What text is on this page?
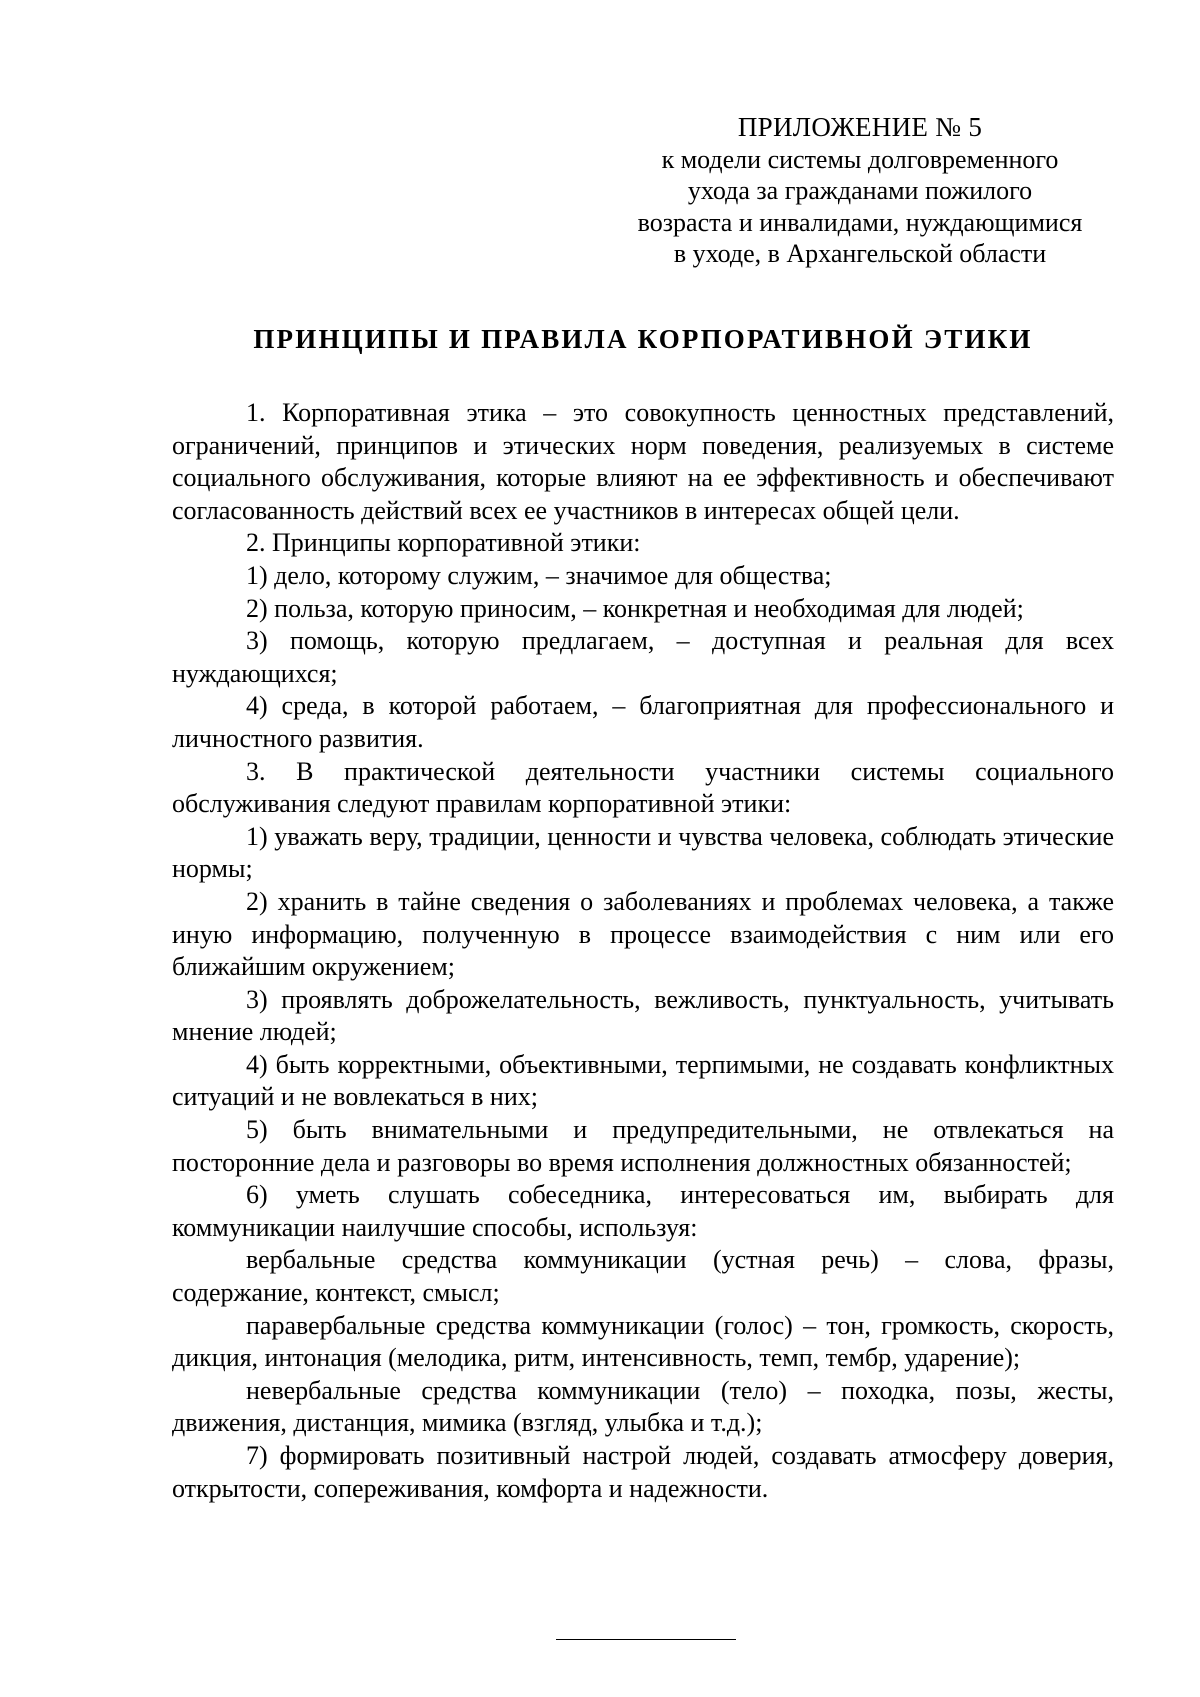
ПРИЛОЖЕНИЕ № 5
к модели системы долговременного
ухода за гражданами пожилого
возраста и инвалидами, нуждающимися
в уходе, в Архангельской области
ПРИНЦИПЫ И ПРАВИЛА КОРПОРАТИВНОЙ ЭТИКИ

1. Корпоративная этика – это совокупность ценностных представлений, ограничений, принципов и этических норм поведения, реализуемых в системе социального обслуживания, которые влияют на ее эффективность и обеспечивают согласованность действий всех ее участников в интересах общей цели.

2. Принципы корпоративной этики:

1) дело, которому служим, – значимое для общества;

2) польза, которую приносим, – конкретная и необходимая для людей;

3) помощь, которую предлагаем, – доступная и реальная для всех нуждающихся;

4) среда, в которой работаем, – благоприятная для профессионального и личностного развития.

3. В практической деятельности участники системы социального обслуживания следуют правилам корпоративной этики:

1) уважать веру, традиции, ценности и чувства человека, соблюдать этические нормы;

2) хранить в тайне сведения о заболеваниях и проблемах человека, а также иную информацию, полученную в процессе взаимодействия с ним или его ближайшим окружением;

3) проявлять доброжелательность, вежливость, пунктуальность, учитывать мнение людей;

4) быть корректными, объективными, терпимыми, не создавать конфликтных ситуаций и не вовлекаться в них;

5) быть внимательными и предупредительными, не отвлекаться на посторонние дела и разговоры во время исполнения должностных обязанностей;

6) уметь слушать собеседника, интересоваться им, выбирать для коммуникации наилучшие способы, используя:

вербальные средства коммуникации (устная речь) – слова, фразы, содержание, контекст, смысл;

паравербальные средства коммуникации (голос) – тон, громкость, скорость, дикция, интонация (мелодика, ритм, интенсивность, темп, тембр, ударение);

невербальные средства коммуникации (тело) – походка, позы, жесты, движения, дистанция, мимика (взгляд, улыбка и т.д.);

7) формировать позитивный настрой людей, создавать атмосферу доверия, открытости, сопереживания, комфорта и надежности.
